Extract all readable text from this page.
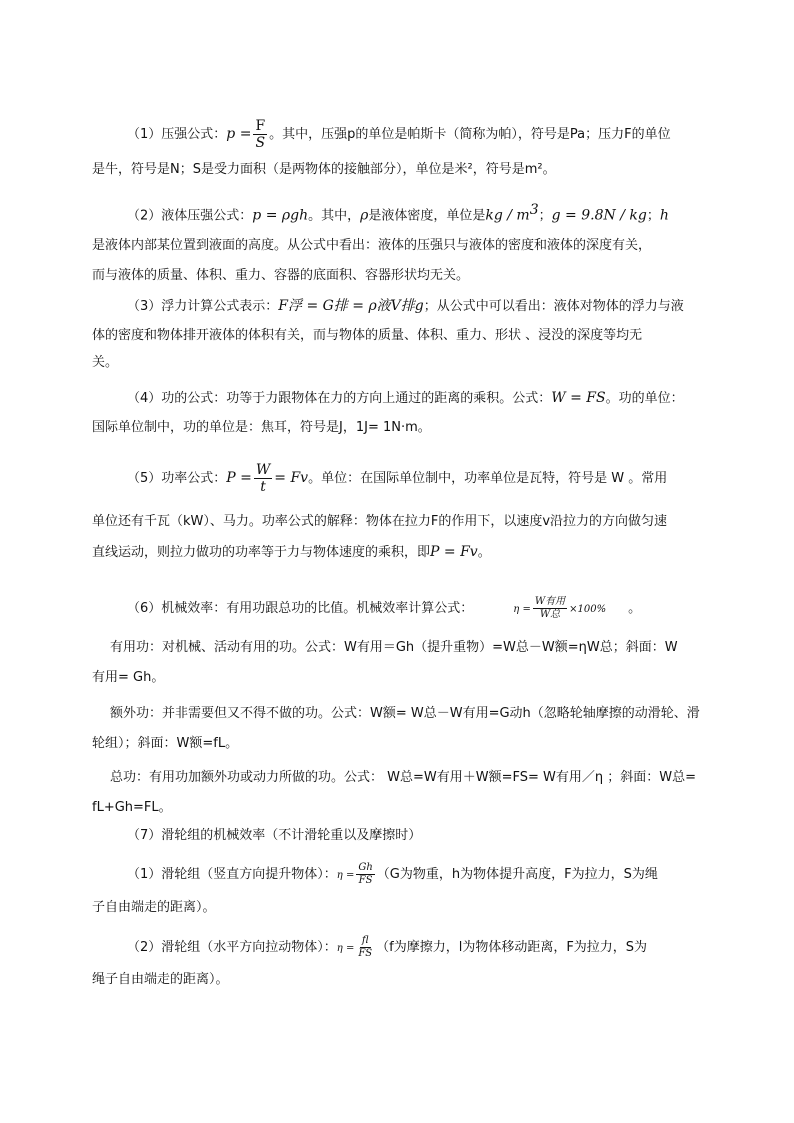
（1）压强公式：$p = \frac{F}{S}$ 。其中，压强p的单位是帕斯卡（简称为帕），符号是Pa；压力F的单位
是牛，符号是N；S是受力面积（是两物体的接触部分），单位是米²，符号是m²。
（2）液体压强公式：p = ρgh。其中，ρ是液体密度，单位是kg / $m^3$；g = 9.8N / kg；h
是液体内部某位置到液面的高度。从公式中看出：液体的压强只与液体的密度和液体的深度有关，
而与液体的质量、体积、重力、容器的底面积、容器形状均无关。
（3）浮力计算公式表示：F浮 = G排 = ρ液V排g；从公式中可以看出：液体对物体的浮力与液
体的密度和物体排开液体的体积有关，而与物体的质量、体积、重力、形状 、浸没的深度等均无
关。
（4）功的公式：功等于力跟物体在力的方向上通过的距离的乘积。公式：W = FS。功的单位：
国际单位制中，功的单位是：焦耳，符号是J，1J= 1N·m。
（5）功率公式：$P = \frac{W}{t} = Fv$。单位：在国际单位制中，功率单位是瓦特，符号是 W 。常用
单位还有千瓦（kW）、马力。功率公式的解释：物体在拉力F的作用下，以速度v沿拉力的方向做匀速
直线运动，则拉力做功的功率等于力与物体速度的乘积，即P = Fv。
（6）机械效率：有用功跟总功的比值。机械效率计算公式：	$\eta = \frac{\text{W有用}}{\text{W总}} \times 100\%$ 。
有用功：对机械、活动有用的功。公式：W有用＝Gh（提升重物）=W总－W额=ηW总；斜面：W
有用= Gh。
额外功：并非需要但又不得不做的功。公式：W额= W总－W有用=G动h（忽略轮轴摩擦的动滑轮、滑
轮组）；斜面：W额=fL。
总功：有用功加额外功或动力所做的功。公式： W总=W有用＋W额=FS= W有用／η ；斜面：W总=
fL+Gh=FL。
（7）滑轮组的机械效率（不计滑轮重以及摩擦时）
（1）滑轮组（竖直方向提升物体）：$\eta = \frac{Gh}{FS} (G$为物重，h为物体提升高度，F为拉力，S为绳
子自由端走的距离）。
（2）滑轮组（水平方向拉动物体）：$\eta = \frac{fl}{FS} (f$为摩擦力，l为物体移动距离，F为拉力，S为
绳子自由端走的距离）。
